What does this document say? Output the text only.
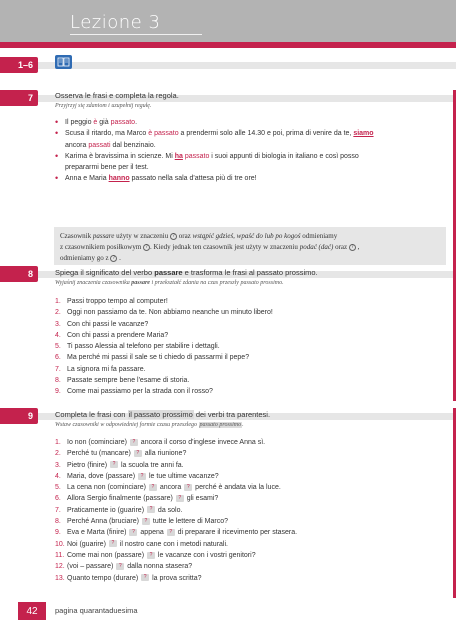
Lezione 3
1–6
7	Osserva le frasi e completa la regola.
Przyjrzyj się zdaniom i uzupełnij regułę.
• Il peggio è già passato.
• Scusa il ritardo, ma Marco è passato a prendermi solo alle 14.30 e poi, prima di venire da te, siamo
ancora passati dal benzinaio.
• Karima è bravissima in scienze. Mi ha passato i suoi appunti di biologia in italiano e così posso
prepararmi bene per il test.
• Anna e Maria hanno passato nella sala d'attesa più di tre ore!
Czasownik passare użyty w znaczeniu ? oraz wstąpić gdzieś, wpaść do lub po kogoś odmieniamy
z czasownikiem posiłkowym ? . Kiedy jednak ten czasownik jest użyty w znaczeniu podać (dać) oraz ? ,
odmieniamy go z ? .
8	Spiega il significato del verbo passare e trasforma le frasi al passato prossimo.
Wyjaśnij znaczenia czasownika passare i przekształć zdania na czas przeszły passato prossimo.
1. Passi troppo tempo al computer!
2. Oggi non passiamo da te. Non abbiamo neanche un minuto libero!
3. Con chi passi le vacanze?
4. Con chi passi a prendere Maria?
5. Ti passo Alessia al telefono per stabilire i dettagli.
6. Ma perché mi passi il sale se ti chiedo di passarmi il pepe?
7. La signora mi fa passare.
8. Passate sempre bene l'esame di storia.
9. Come mai passiamo per la strada con il rosso?
9	Completa le frasi con il passato prossimo dei verbi tra parentesi.
Wstaw czasowniki w odpowiedniej formie czasu przeszłego passato prossimo.
1. Io non (cominciare) ? ancora il corso d'inglese invece Anna sì.
2. Perché tu (mancare) ? alla riunione?
3. Pietro (finire) ? la scuola tre anni fa.
4. Maria, dove (passare) ? le tue ultime vacanze?
5. La cena non (cominciare) ? ancora ? perché è andata via la luce.
6. Allora Sergio finalmente (passare) ? gli esami?
7. Praticamente io (guarire) ? da solo.
8. Perché Anna (bruciare) ? tutte le lettere di Marco?
9. Eva e Marta (finire) ? appena ? di preparare il ricevimento per stasera.
10. Noi (guarire) ? il nostro cane con i metodi naturali.
11. Come mai non (passare) ? le vacanze con i vostri genitori?
12. (voi – passare) ? dalla nonna stasera?
13. Quanto tempo (durare) ? la prova scritta?
42	pagina quarantaduesima
